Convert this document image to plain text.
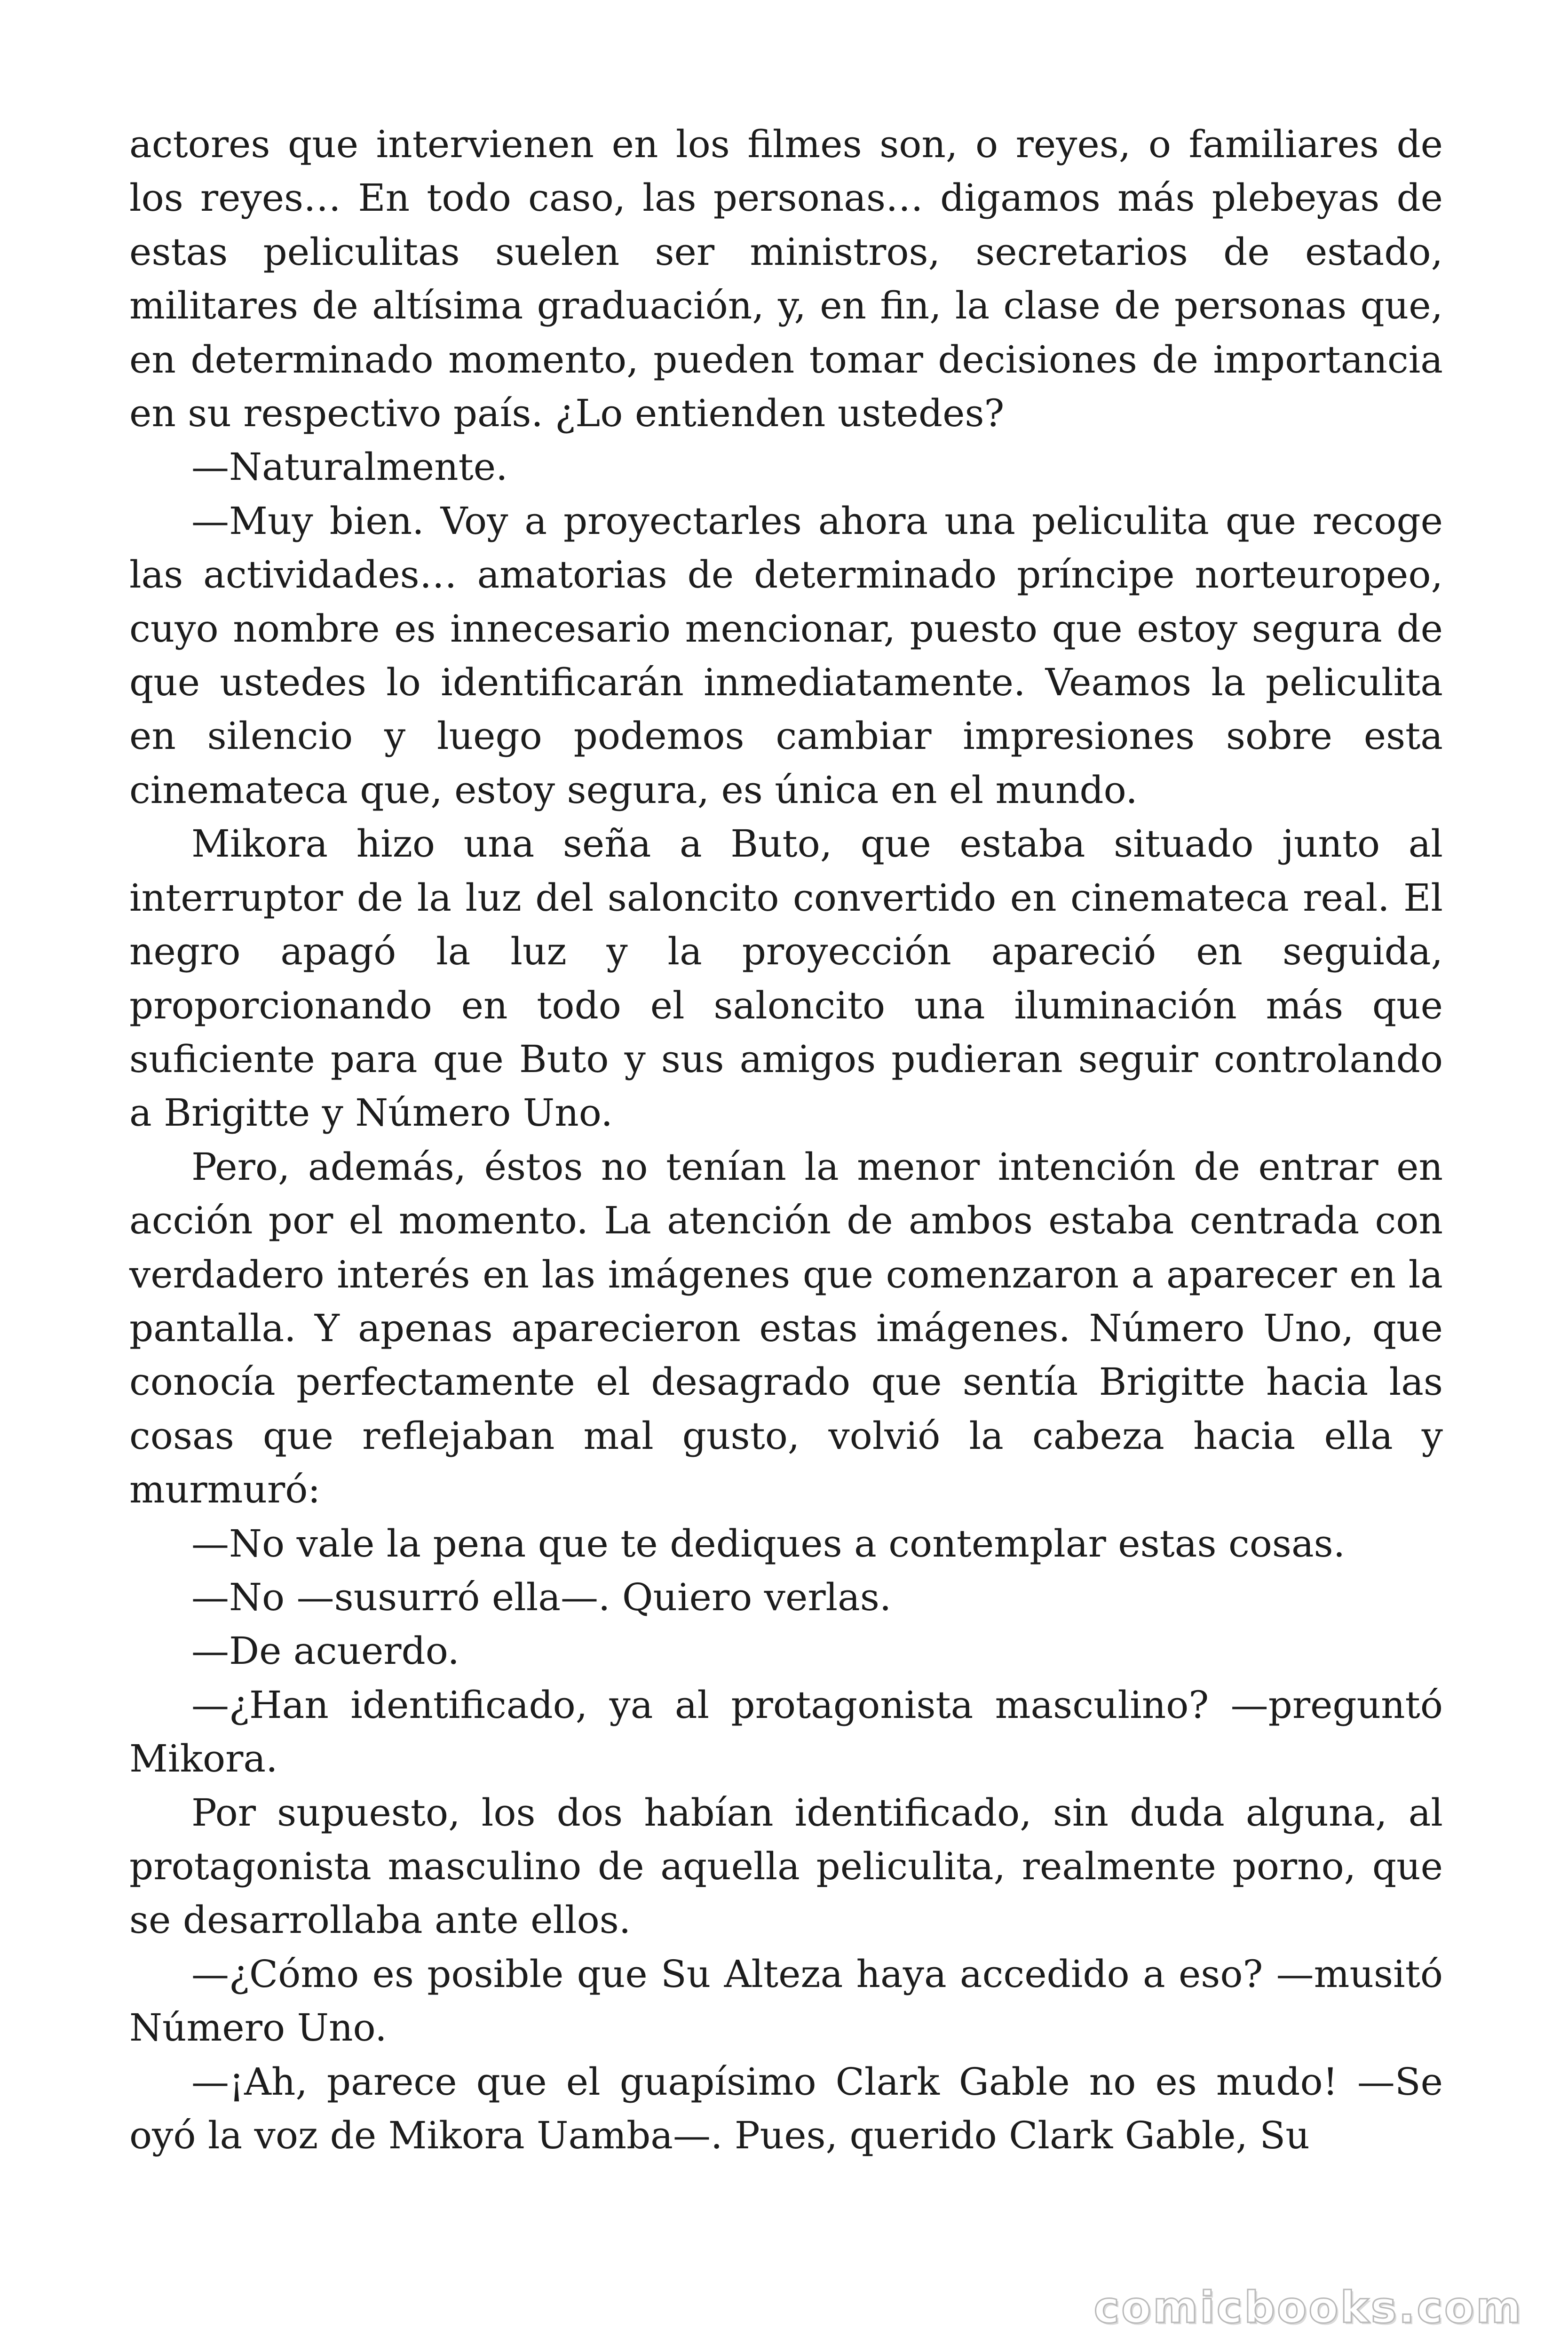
actores que intervienen en los filmes son, o reyes, o familiares de los reyes… En todo caso, las personas… digamos más plebeyas de estas peliculitas suelen ser ministros, secretarios de estado, militares de altísima graduación, y, en fin, la clase de personas que, en determinado momento, pueden tomar decisiones de importancia en su respectivo país. ¿Lo entienden ustedes?

—Naturalmente.

—Muy bien. Voy a proyectarles ahora una peliculita que recoge las actividades… amatorias de determinado príncipe norteuropeo, cuyo nombre es innecesario mencionar, puesto que estoy segura de que ustedes lo identificarán inmediatamente. Veamos la peliculita en silencio y luego podemos cambiar impresiones sobre esta cinemateca que, estoy segura, es única en el mundo.

Mikora hizo una seña a Buto, que estaba situado junto al interruptor de la luz del saloncito convertido en cinemateca real. El negro apagó la luz y la proyección apareció en seguida, proporcionando en todo el saloncito una iluminación más que suficiente para que Buto y sus amigos pudieran seguir controlando a Brigitte y Número Uno.

Pero, además, éstos no tenían la menor intención de entrar en acción por el momento. La atención de ambos estaba centrada con verdadero interés en las imágenes que comenzaron a aparecer en la pantalla. Y apenas aparecieron estas imágenes. Número Uno, que conocía perfectamente el desagrado que sentía Brigitte hacia las cosas que reflejaban mal gusto, volvió la cabeza hacia ella y murmuró:

—No vale la pena que te dediques a contemplar estas cosas.

—No —susurró ella—. Quiero verlas.

—De acuerdo.

—¿Han identificado, ya al protagonista masculino? —preguntó Mikora.

Por supuesto, los dos habían identificado, sin duda alguna, al protagonista masculino de aquella peliculita, realmente porno, que se desarrollaba ante ellos.

—¿Cómo es posible que Su Alteza haya accedido a eso? —musitó Número Uno.

—¡Ah, parece que el guapísimo Clark Gable no es mudo! —Se oyó la voz de Mikora Uamba—. Pues, querido Clark Gable, Su

comicbooks.com
